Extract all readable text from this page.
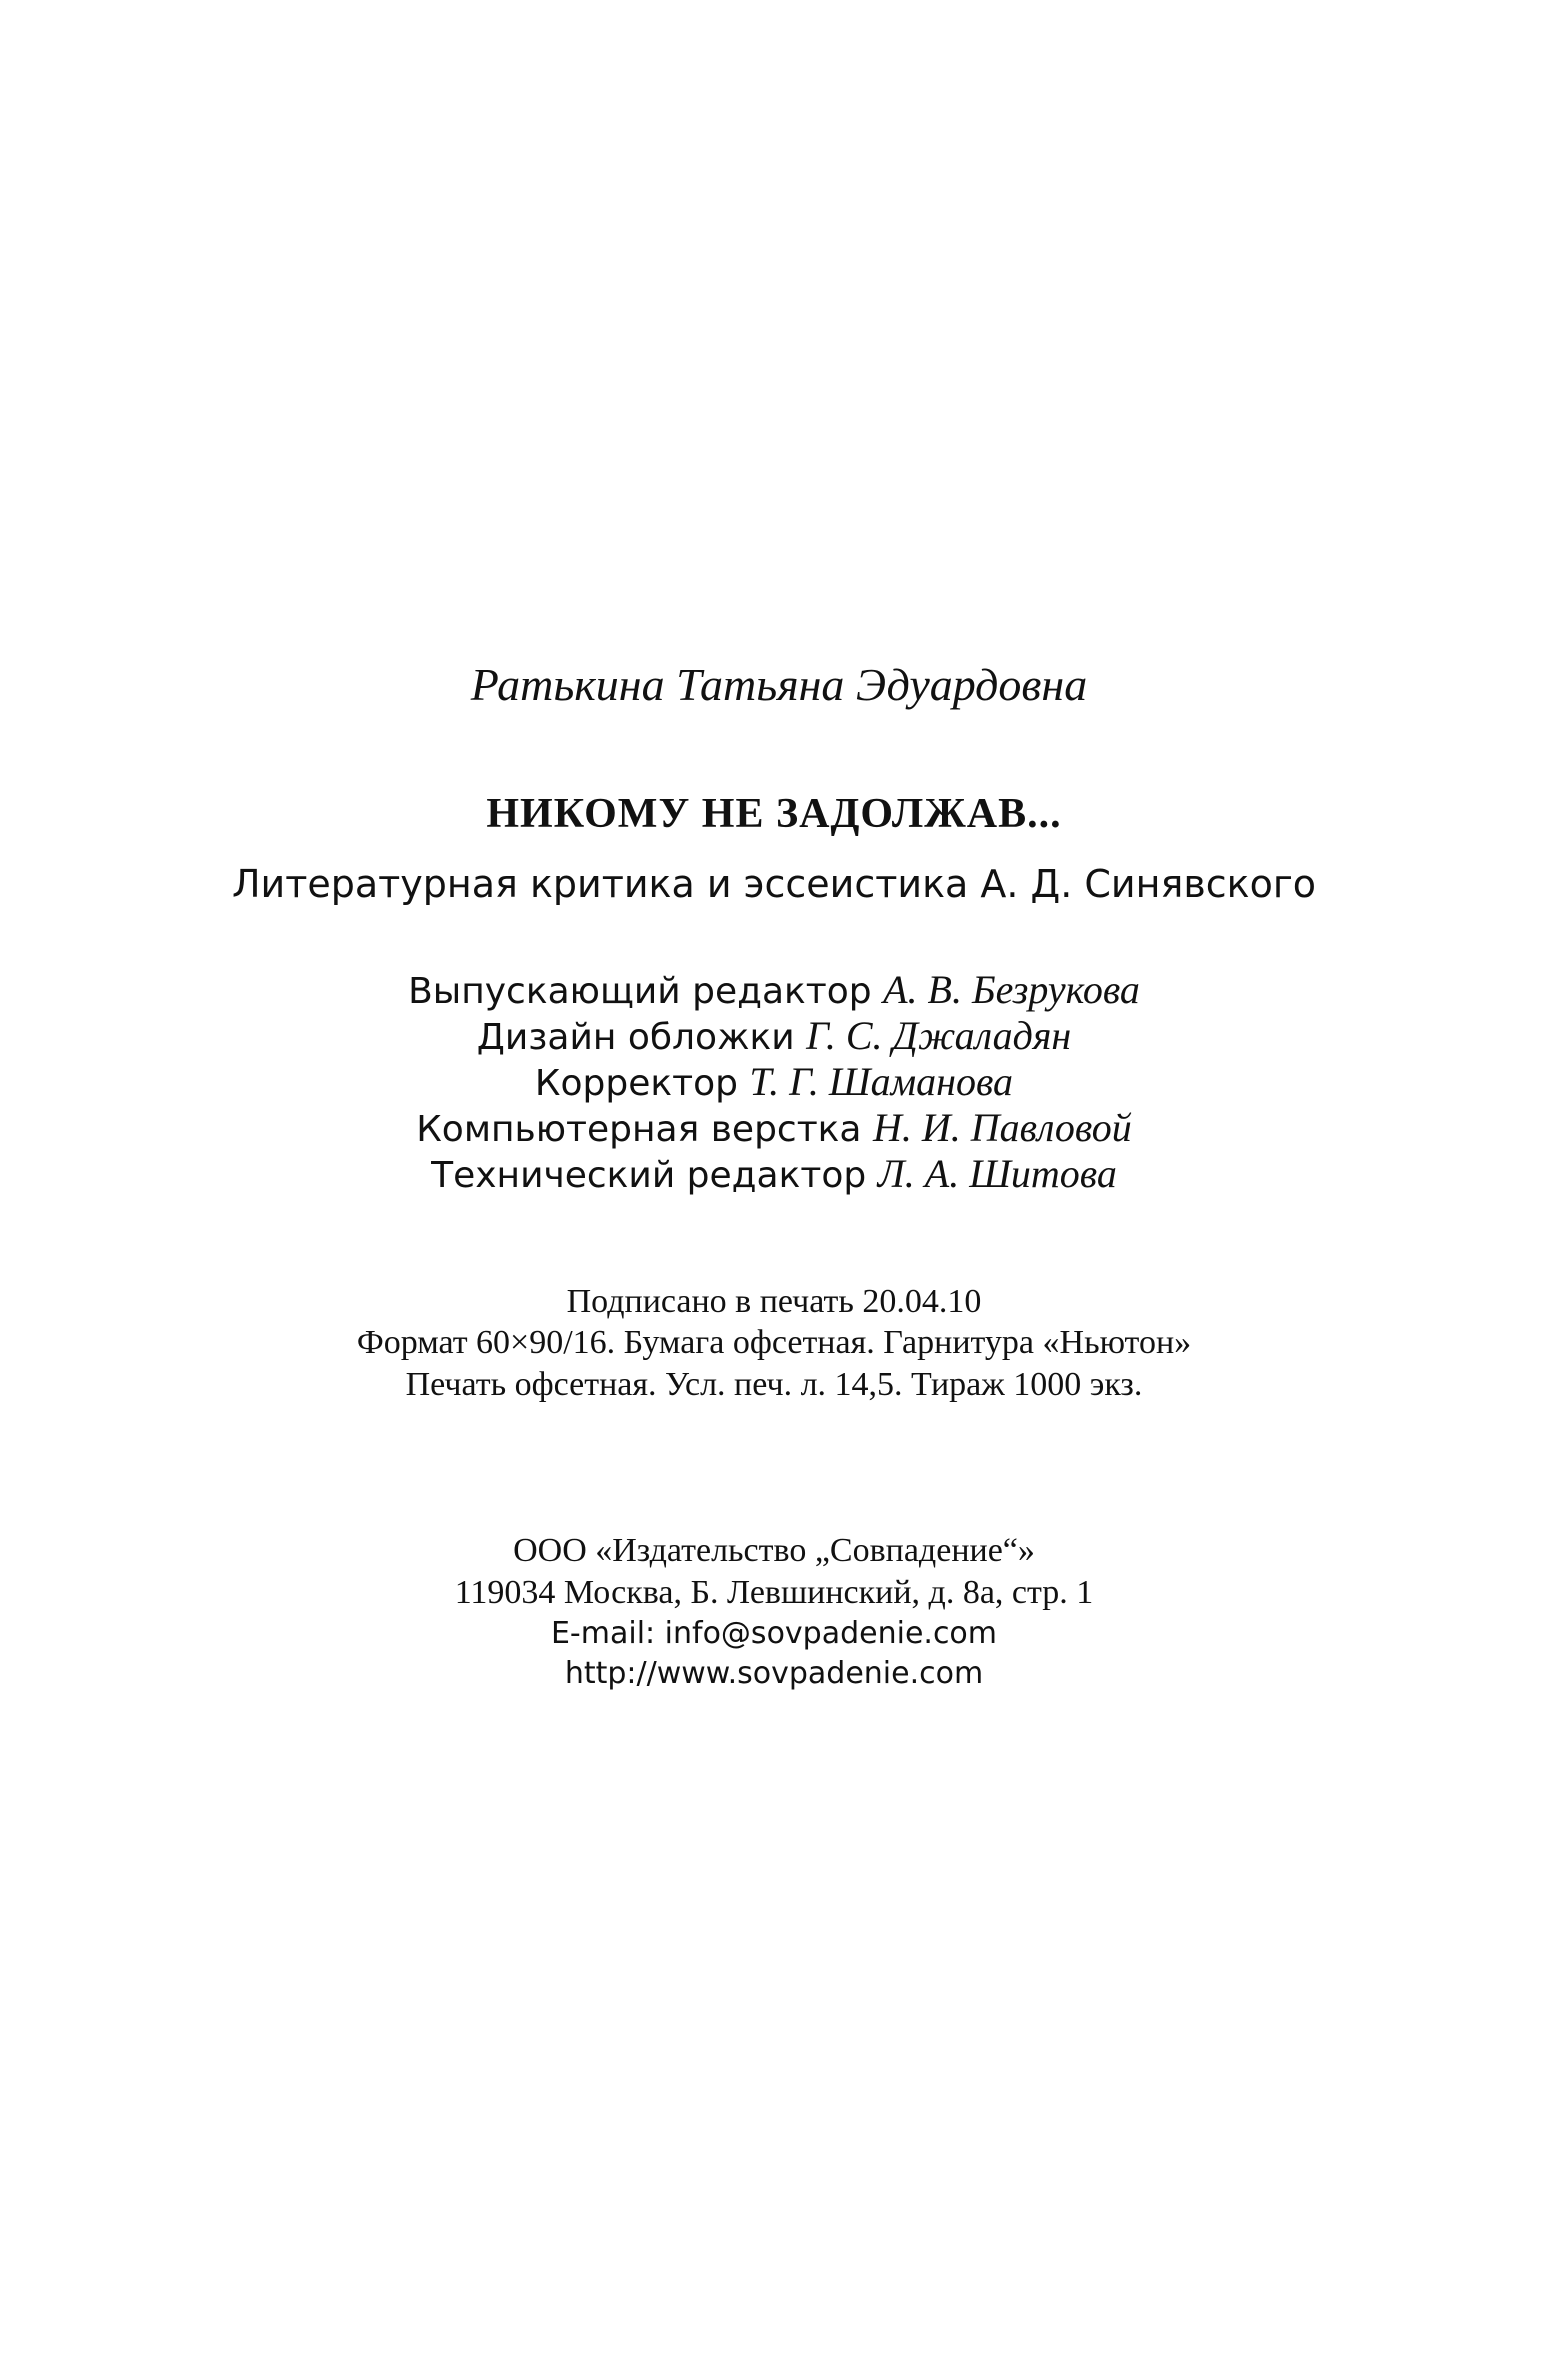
Ратькина Татьяна Эдуардовна

НИКОМУ НЕ ЗАДОЛЖАВ...

Литературная критика и эссеистика А. Д. Синявского

Выпускающий редактор А. В. Безрукова

Дизайн обложки Г. С. Джаладян

Корректор Т. Г. Шаманова

Компьютерная верстка Н. И. Павловой

Технический редактор Л. А. Шитова

Подписано в печать 20.04.10

Формат 60×90/16. Бумага офсетная. Гарнитура «Ньютон»

Печать офсетная. Усл. печ. л. 14,5. Тираж 1000 экз.

ООО «Издательство „Совпадение“»

119034 Москва, Б. Левшинский, д. 8а, стр. 1

E-mail: info@sovpadenie.com

http://www.sovpadenie.com
